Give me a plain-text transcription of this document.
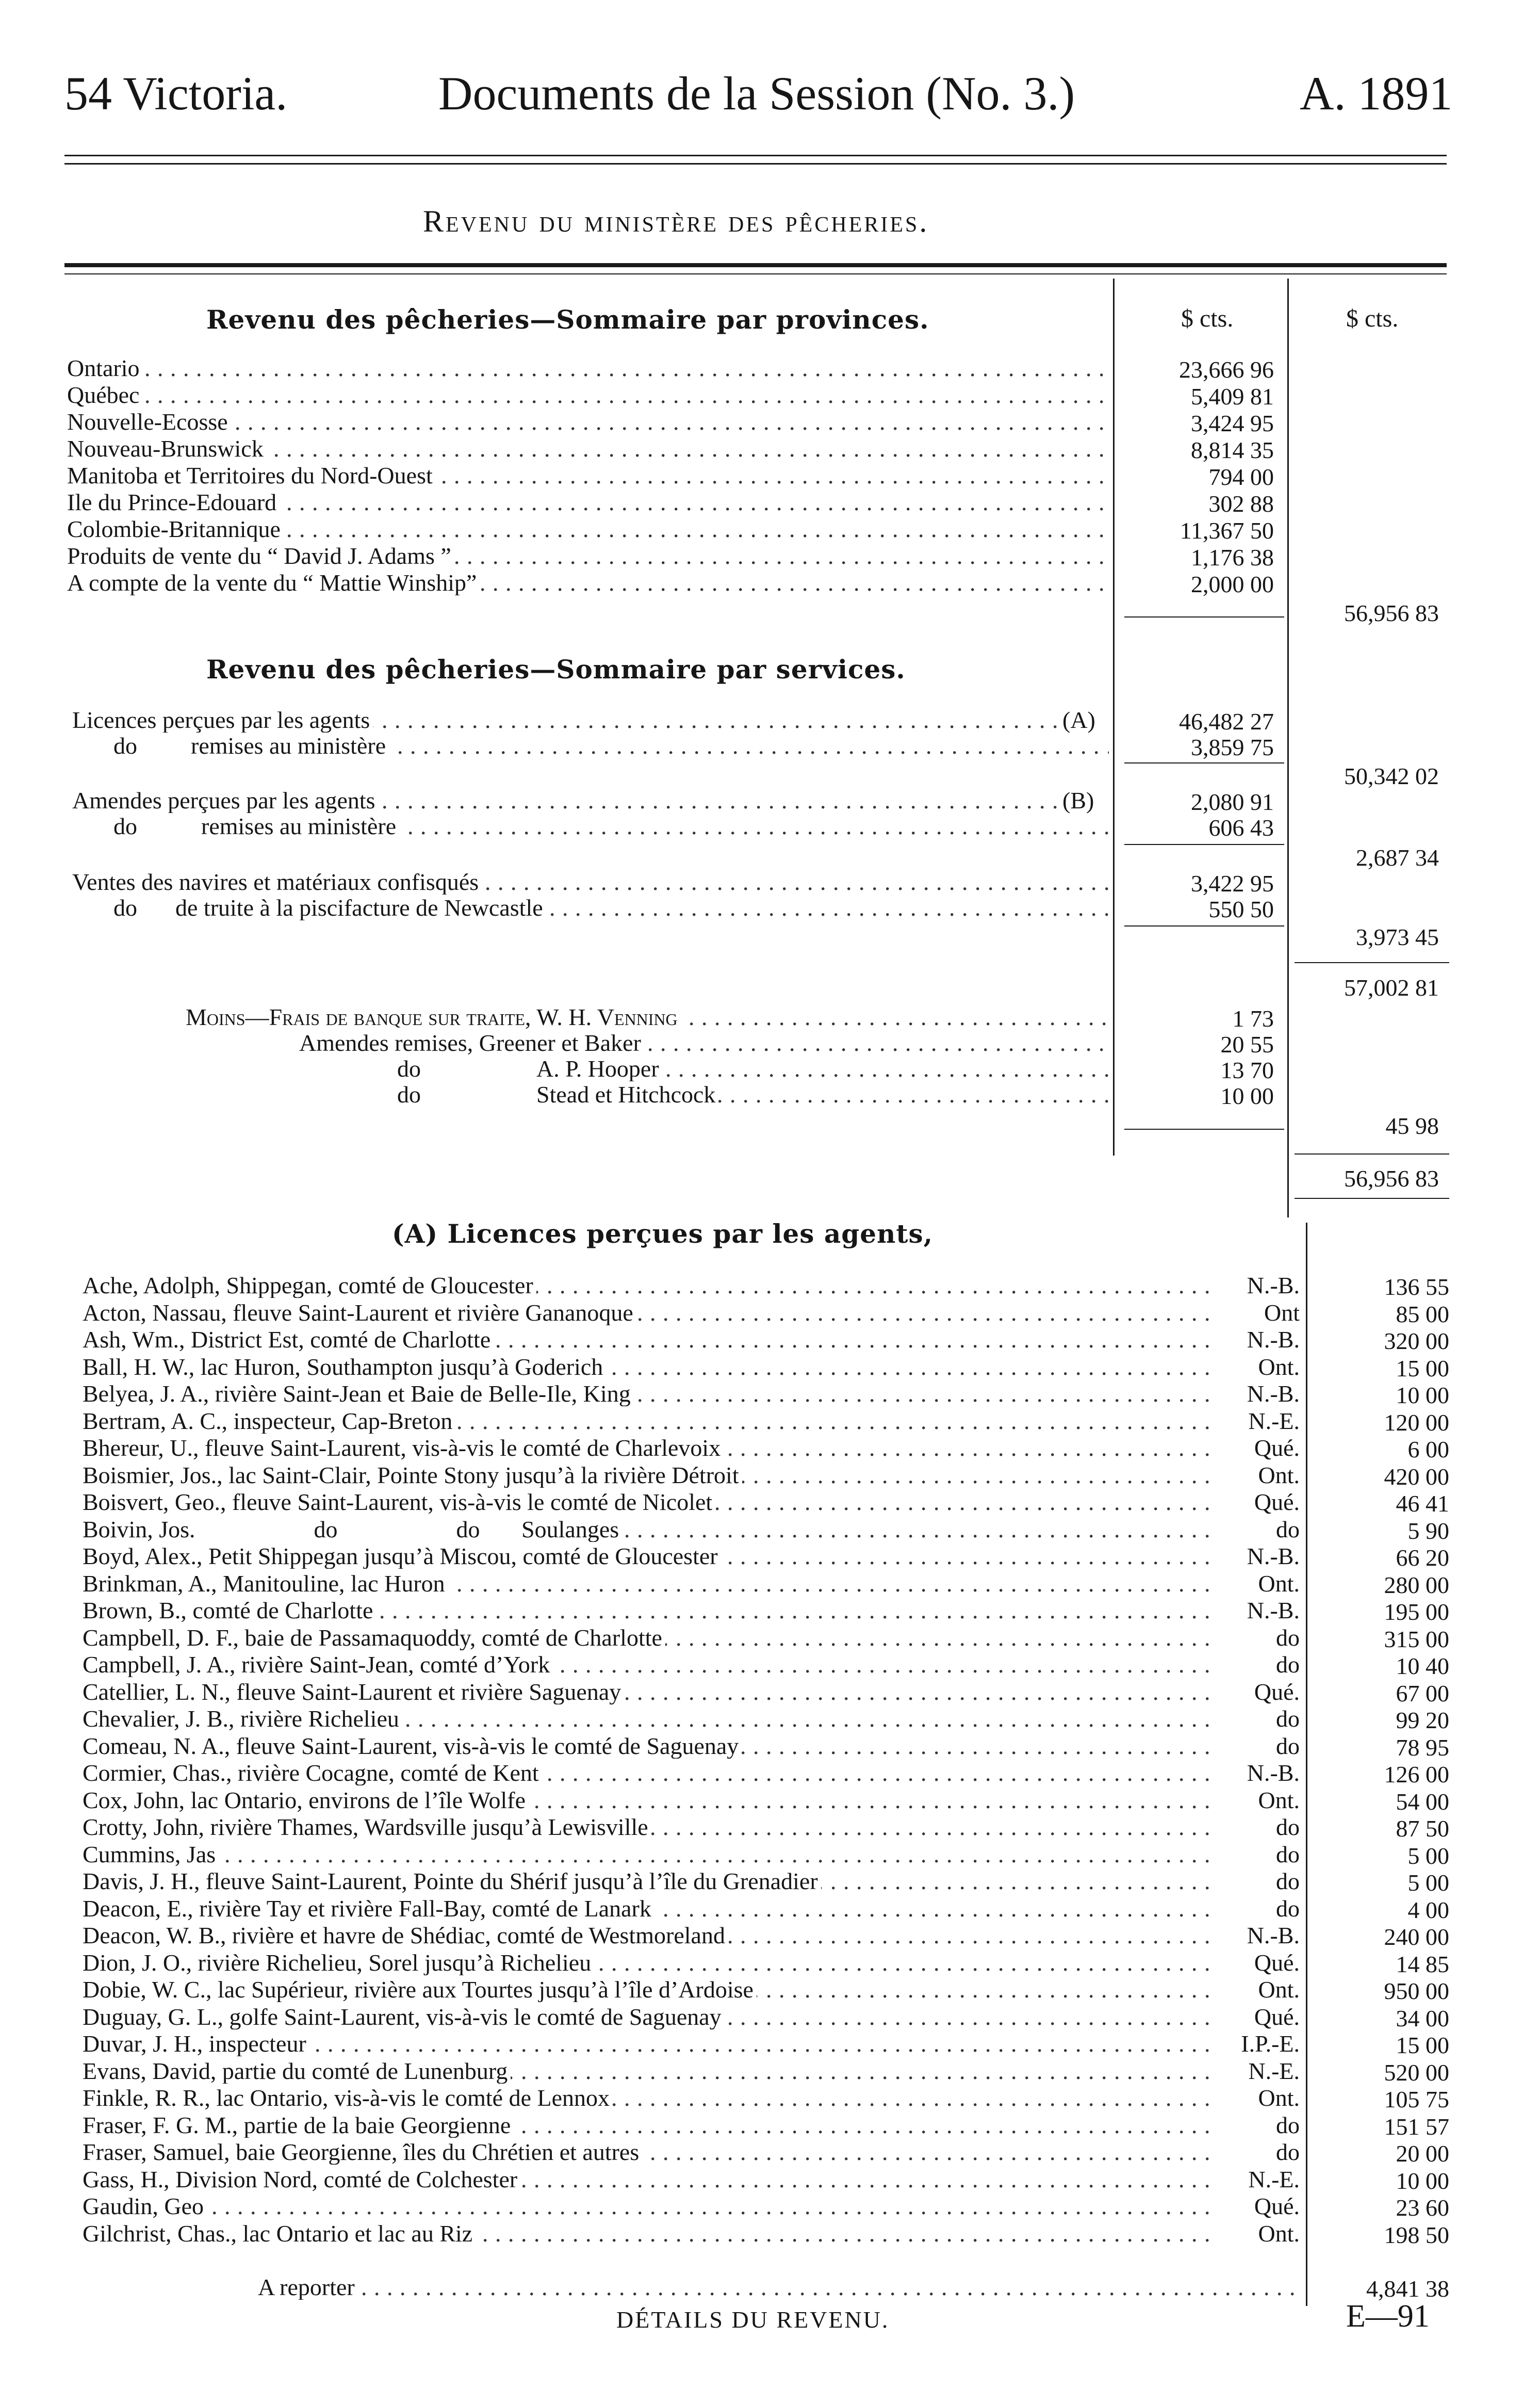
54 Victoria.	Documents de la Session (No. 3.)	A. 1891
Revenu du ministère des pêcheries.
Revenu des pêcheries—Sommaire par provinces.	$ cts.	$ cts.
Ontario . . .	23,666 96
Québec . . .	5,409 81
Nouvelle-Ecosse . . .	3,424 95
Nouveau-Brunswick . . .	8,814 35
Manitoba et Territoires du Nord-Ouest . . .	794 00
Ile du Prince-Edouard . . .	302 88
Colombie-Britannique . . .	11,367 50
Produits de vente du “ David J. Adams ” . . .	1,176 38
A compte de la vente du “ Mattie Winship” . . .	2,000 00
56,956 83
Revenu des pêcheries—Sommaire par services.
Licences perçues par les agents . . .	(A)	46,482 27
do remises au ministère . . .	3,859 75
50,342 02
Amendes perçues par les agents . . .	(B)	2,080 91
do	remises au ministère . . .	606 43
2,687 34
Ventes des navires et matériaux confisqués . . .	3,422 95
do de truite à la piscifacture de Newcastle . . .	550 50
3,973 45
57,002 81
Moins—Frais de banque sur traite, W. H. Venning . . .	1 73
Amendes remises, Greener et Baker . . .	20 55
do	A. P. Hooper . . .	13 70
do	Stead et Hitchcock . . .	10 00
45 98
56,956 83
(A) Licences perçues par les agents,
Ache, Adolph, Shippegan, comté de Gloucester . . .	N.-B.	136 55
Acton, Nassau, fleuve Saint-Laurent et rivière Gananoque . . .	Ont	85 00
Ash, Wm., District Est, comté de Charlotte . . .	N.-B.	320 00
Ball, H. W., lac Huron, Southampton jusqu’à Goderich . . .	Ont.	15 00
Belyea, J. A., rivière Saint-Jean et Baie de Belle-Ile, King . . .	N.-B.	10 00
Bertram, A. C., inspecteur, Cap-Breton . . .	N.-E.	120 00
Bhereur, U., fleuve Saint-Laurent, vis-à-vis le comté de Charlevoix . . .	Qué.	6 00
Boismier, Jos., lac Saint-Clair, Pointe Stony jusqu’à la rivière Détroit . . .	Ont.	420 00
Boisvert, Geo., fleuve Saint-Laurent, vis-à-vis le comté de Nicolet . . .	Qué.	46 41
Boivin, Jos.                    do                    do       Soulanges . . .	do	5 90
Boyd, Alex., Petit Shippegan jusqu’à Miscou, comté de Gloucester . . .	N.-B.	66 20
Brinkman, A., Manitouline, lac Huron . . .	Ont.	280 00
Brown, B., comté de Charlotte . . .	N.-B.	195 00
Campbell, D. F., baie de Passamaquoddy, comté de Charlotte . . .	do	315 00
Campbell, J. A., rivière Saint-Jean, comté d’York . . .	do	10 40
Catellier, L. N., fleuve Saint-Laurent et rivière Saguenay . . .	Qué.	67 00
Chevalier, J. B., rivière Richelieu . . .	do	99 20
Comeau, N. A., fleuve Saint-Laurent, vis-à-vis le comté de Saguenay . . .	do	78 95
Cormier, Chas., rivière Cocagne, comté de Kent . . .	N.-B.	126 00
Cox, John, lac Ontario, environs de l’île Wolfe . . .	Ont.	54 00
Crotty, John, rivière Thames, Wardsville jusqu’à Lewisville . . .	do	87 50
Cummins, Jas . . .	do	5 00
Davis, J. H., fleuve Saint-Laurent, Pointe du Shérif jusqu’à l’île du Grenadier . . .	do	5 00
Deacon, E., rivière Tay et rivière Fall-Bay, comté de Lanark . . .	do	4 00
Deacon, W. B., rivière et havre de Shédiac, comté de Westmoreland . . .	N.-B.	240 00
Dion, J. O., rivière Richelieu, Sorel jusqu’à Richelieu . . .	Qué.	14 85
Dobie, W. C., lac Supérieur, rivière aux Tourtes jusqu’à l’île d’Ardoise . . .	Ont.	950 00
Duguay, G. L., golfe Saint-Laurent, vis-à-vis le comté de Saguenay . . .	Qué.	34 00
Duvar, J. H., inspecteur . . .	I.P.-E.	15 00
Evans, David, partie du comté de Lunenburg . . .	N.-E.	520 00
Finkle, R. R., lac Ontario, vis-à-vis le comté de Lennox . . .	Ont.	105 75
Fraser, F. G. M., partie de la baie Georgienne . . .	do	151 57
Fraser, Samuel, baie Georgienne, îles du Chrétien et autres . . .	do	20 00
Gass, H., Division Nord, comté de Colchester . . .	N.-E.	10 00
Gaudin, Geo . . .	Qué.	23 60
Gilchrist, Chas., lac Ontario et lac au Riz . . .	Ont.	198 50
A reporter . . .	4,841 38
DÉTAILS DU REVENU.	E—91
